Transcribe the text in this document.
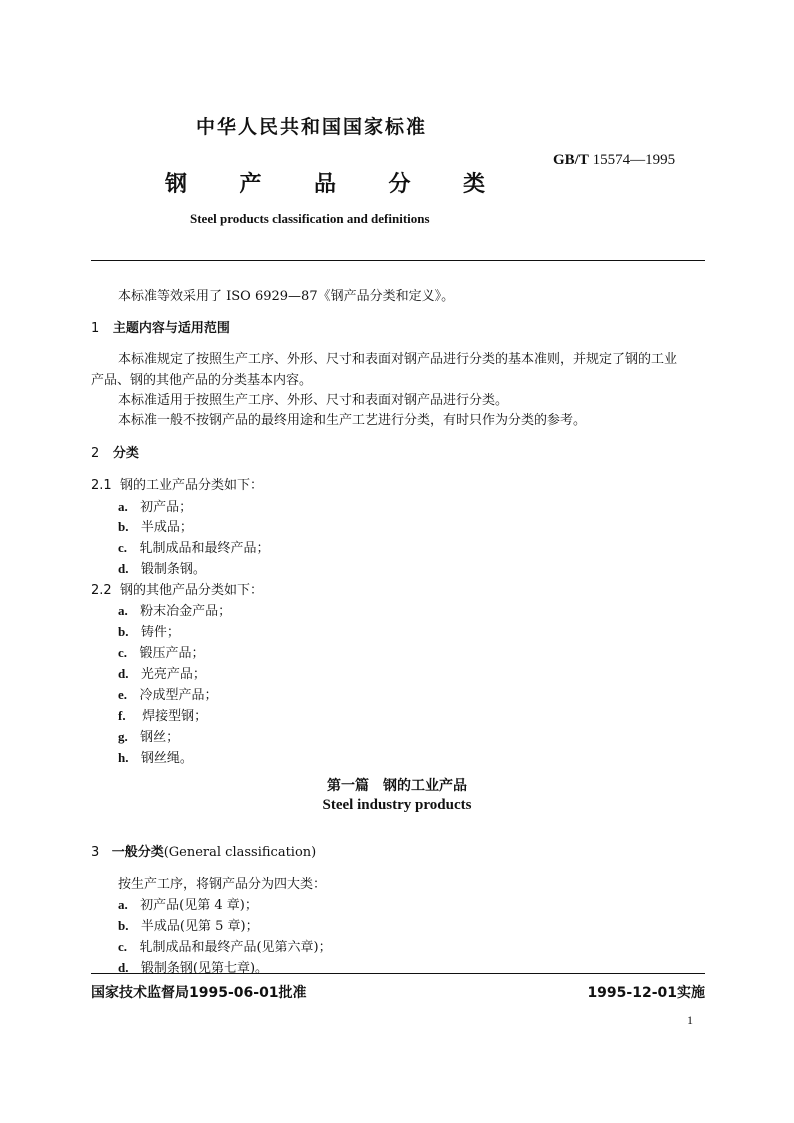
中华人民共和国国家标准
GB/T 15574—1995
钢 产 品 分 类
Steel products classification and definitions
本标准等效采用了 ISO 6929—87《钢产品分类和定义》。
1 主题内容与适用范围
本标准规定了按照生产工序、外形、尺寸和表面对钢产品进行分类的基本准则，并规定了钢的工业
产品、钢的其他产品的分类基本内容。
本标准适用于按照生产工序、外形、尺寸和表面对钢产品进行分类。
本标准一般不按钢产品的最终用途和生产工艺进行分类，有时只作为分类的参考。
2 分类
2.1 钢的工业产品分类如下：
a. 初产品；
b. 半成品；
c. 轧制成品和最终产品；
d. 锻制条钢。
2.2 钢的其他产品分类如下：
a. 粉末冶金产品；
b. 铸件；
c. 锻压产品；
d. 光亮产品；
e. 冷成型产品；
f. 焊接型钢；
g. 钢丝；
h. 钢丝绳。
第一篇　钢的工业产品
Steel industry products
3 一般分类(General classification)
按生产工序，将钢产品分为四大类：
a. 初产品(见第 4 章)；
b. 半成品(见第 5 章)；
c. 轧制成品和最终产品(见第六章)；
d. 锻制条钢(见第七章)。
国家技术监督局1995-06-01批准	1995-12-01实施
1
